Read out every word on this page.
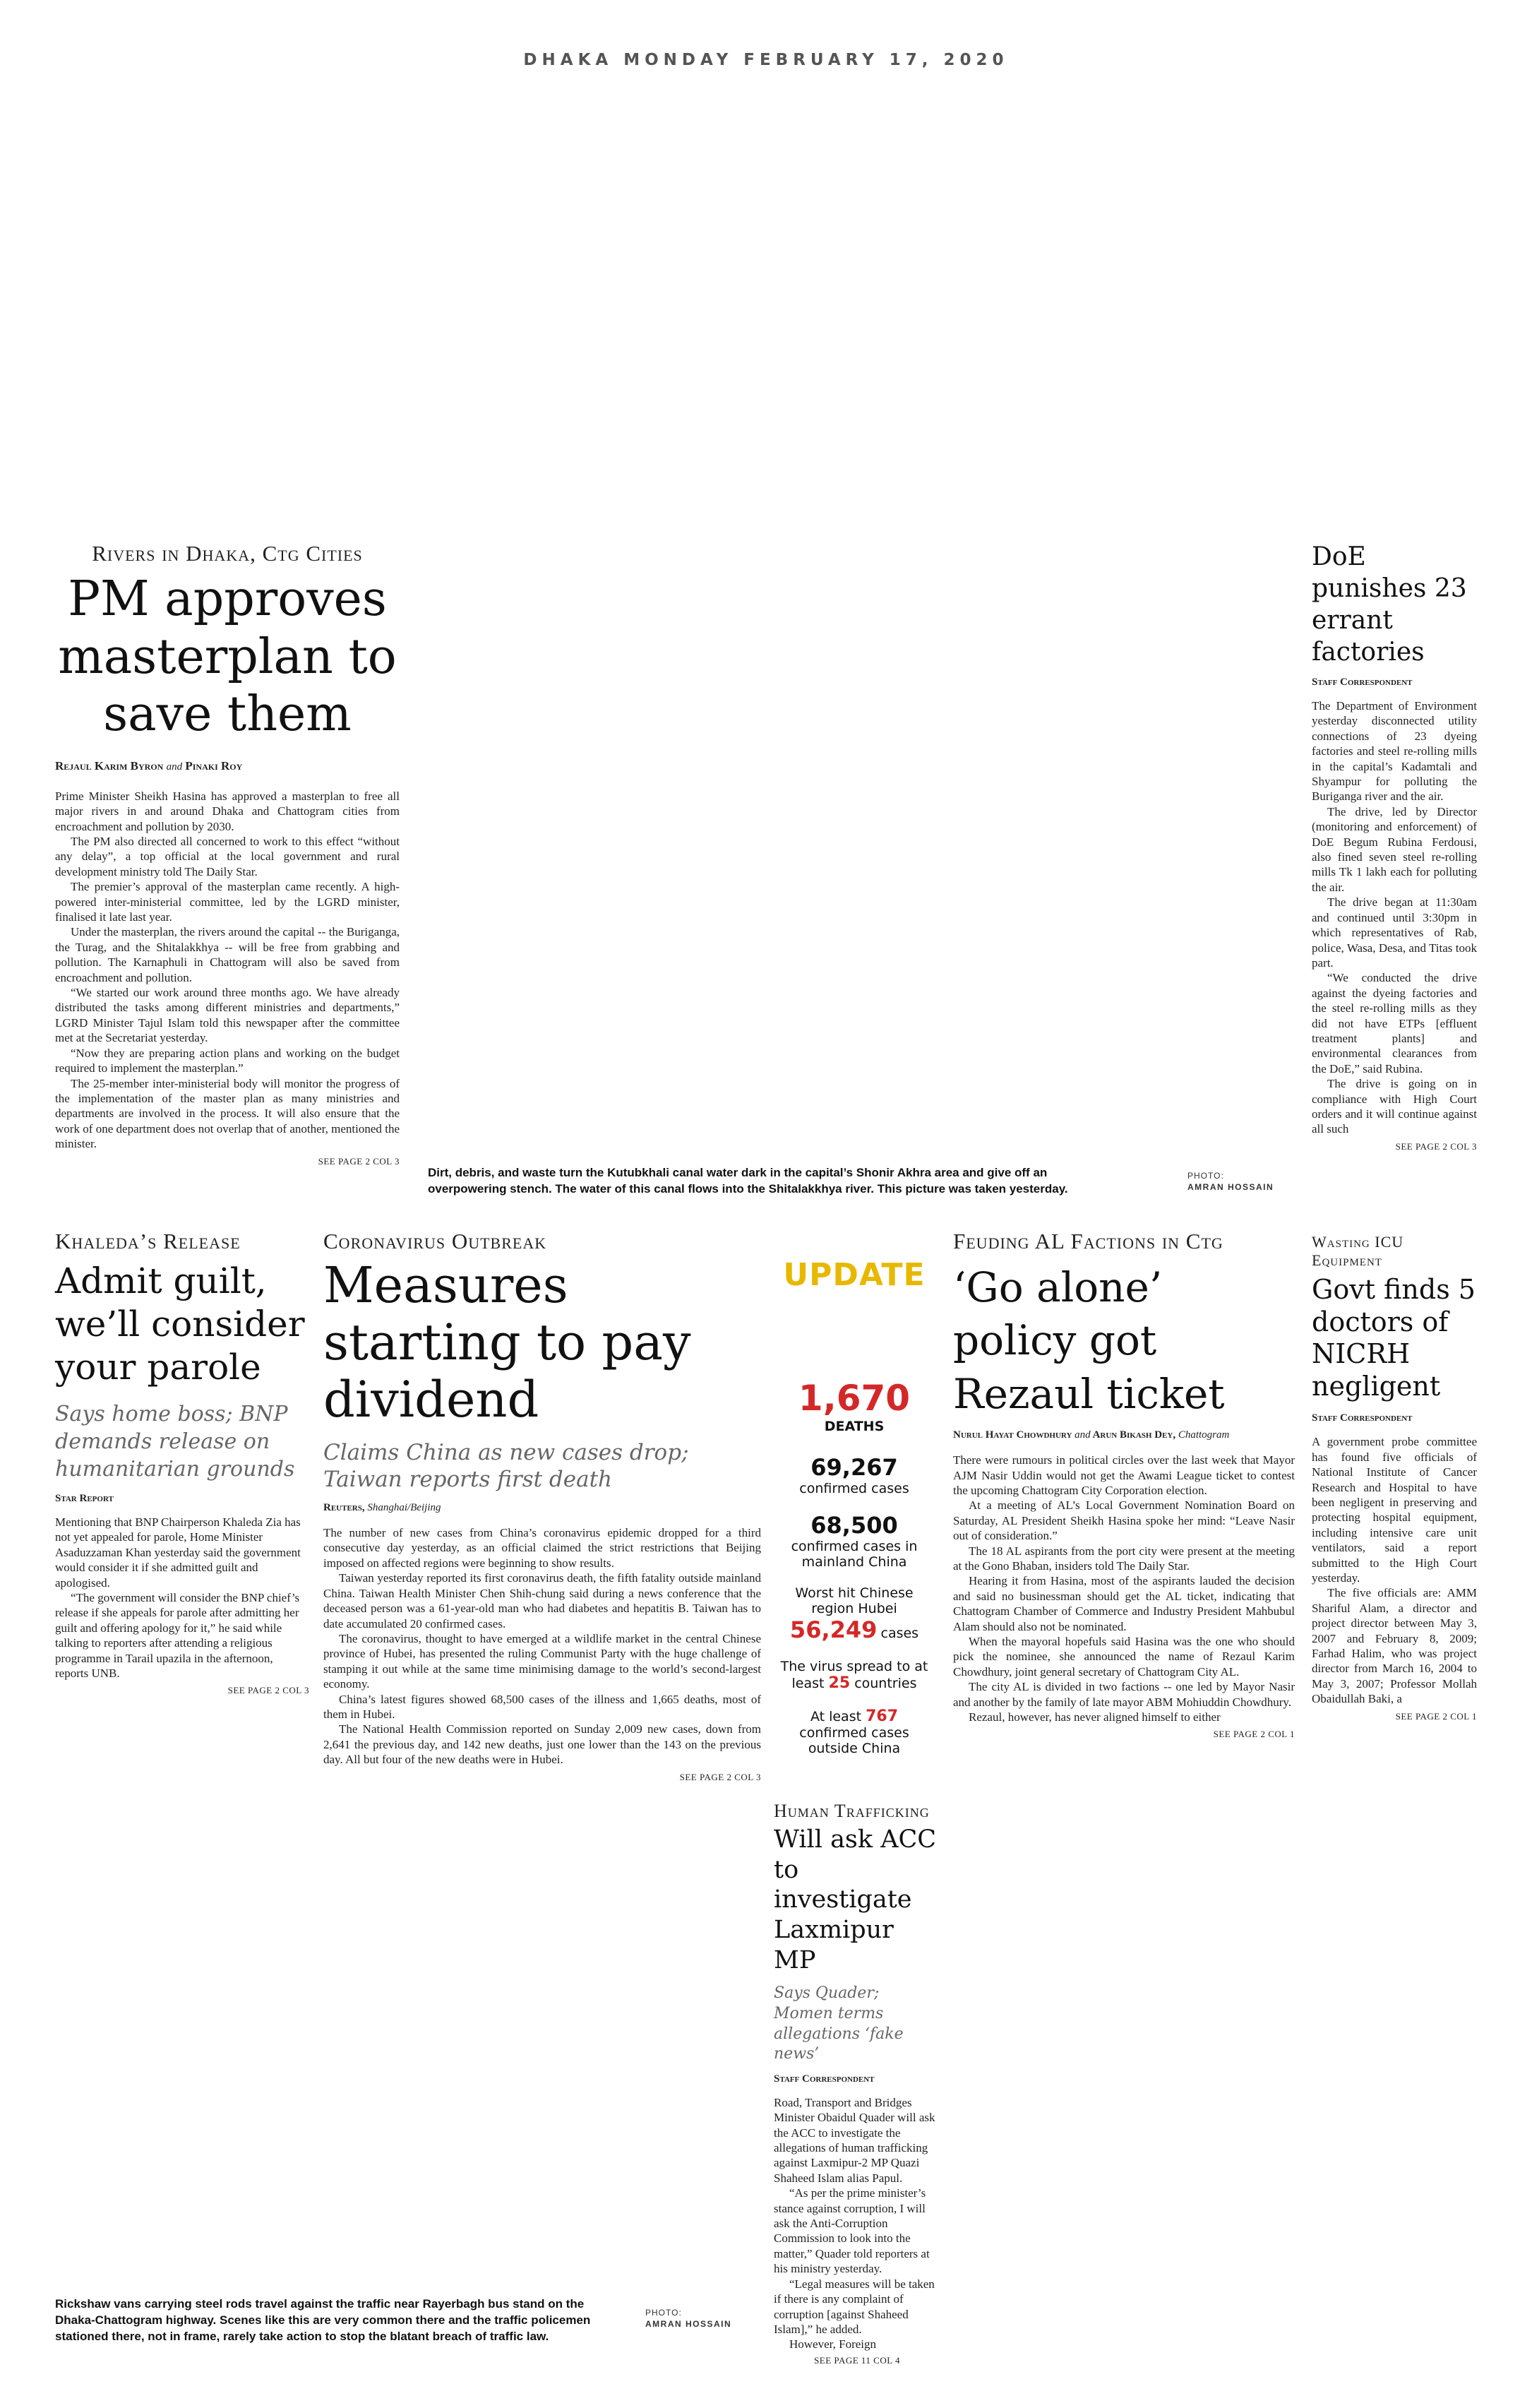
DHAKA MONDAY FEBRUARY 17, 2020
Rivers in Dhaka, Ctg Cities
PM approves masterplan to save them
Rejaul Karim Byron and Pinaki Roy

Prime Minister Sheikh Hasina has approved a masterplan to free all major rivers in and around Dhaka and Chattogram cities from encroachment and pollution by 2030.

The PM also directed all concerned to work to this effect “without any delay”, a top official at the local government and rural development ministry told The Daily Star.

The premier’s approval of the masterplan came recently. A high-powered inter-ministerial committee, led by the LGRD minister, finalised it late last year.

Under the masterplan, the rivers around the capital -- the Buriganga, the Turag, and the Shitalakkhya -- will be free from grabbing and pollution. The Karnaphuli in Chattogram will also be saved from encroachment and pollution.

“We started our work around three months ago. We have already distributed the tasks among different ministries and departments,” LGRD Minister Tajul Islam told this newspaper after the committee met at the Secretariat yesterday.

“Now they are preparing action plans and working on the budget required to implement the masterplan.”

The 25-member inter-ministerial body will monitor the progress of the implementation of the master plan as many ministries and departments are involved in the process. It will also ensure that the work of one department does not overlap that of another, mentioned the minister.

SEE PAGE 2 COL 3
Dirt, debris, and waste turn the Kutubkhali canal water dark in the capital’s Shonir Akhra area and give off an overpowering stench. The water of this canal flows into the Shitalakkhya river. This picture was taken yesterday.
PHOTO:
AMRAN HOSSAIN
DoE punishes 23 errant factories
Staff Correspondent

The Department of Environment yesterday disconnected utility connections of 23 dyeing factories and steel re-rolling mills in the capital’s Kadamtali and Shyampur for polluting the Buriganga river and the air.

The drive, led by Director (monitoring and enforcement) of DoE Begum Rubina Ferdousi, also fined seven steel re-rolling mills Tk 1 lakh each for polluting the air.

The drive began at 11:30am and continued until 3:30pm in which representatives of Rab, police, Wasa, Desa, and Titas took part.

“We conducted the drive against the dyeing factories and the steel re-rolling mills as they did not have ETPs [effluent treatment plants] and environmental clearances from the DoE,” said Rubina.

The drive is going on in compliance with High Court orders and it will continue against all such

SEE PAGE 2 COL 3
Khaleda’s Release
Admit guilt, we’ll consider your parole
Says home boss; BNP demands release on humanitarian grounds
Star Report

Mentioning that BNP Chairperson Khaleda Zia has not yet appealed for parole, Home Minister Asaduzzaman Khan yesterday said the government would consider it if she admitted guilt and apologised.

“The government will consider the BNP chief’s release if she appeals for parole after admitting her guilt and offering apology for it,” he said while talking to reporters after attending a religious programme in Tarail upazila in the afternoon, reports UNB.

SEE PAGE 2 COL 3
Coronavirus Outbreak
Measures starting to pay dividend
Claims China as new cases drop; Taiwan reports first death
Reuters, Shanghai/Beijing

The number of new cases from China’s coronavirus epidemic dropped for a third consecutive day yesterday, as an official claimed the strict restrictions that Beijing imposed on affected regions were beginning to show results.

Taiwan yesterday reported its first coronavirus death, the fifth fatality outside mainland China. Taiwan Health Minister Chen Shih-chung said during a news conference that the deceased person was a 61-year-old man who had diabetes and hepatitis B. Taiwan has to date accumulated 20 confirmed cases.

The coronavirus, thought to have emerged at a wildlife market in the central Chinese province of Hubei, has presented the ruling Communist Party with the huge challenge of stamping it out while at the same time minimising damage to the world’s second-largest economy.

China’s latest figures showed 68,500 cases of the illness and 1,665 deaths, most of them in Hubei.

The National Health Commission reported on Sunday 2,009 new cases, down from 2,641 the previous day, and 142 new deaths, just one lower than the 143 on the previous day. All but four of the new deaths were in Hubei.

SEE PAGE 2 COL 3
UPDATE
1,670
DEATHS
69,267
confirmed cases
68,500
confirmed cases in mainland China
Worst hit Chinese region Hubei
56,249 cases
The virus spread to at least 25 countries
At least 767 confirmed cases outside China
Feuding AL Factions in Ctg
‘Go alone’ policy got Rezaul ticket
Nurul Hayat Chowdhury and Arun Bikash Dey, Chattogram

There were rumours in political circles over the last week that Mayor AJM Nasir Uddin would not get the Awami League ticket to contest the upcoming Chattogram City Corporation election.

At a meeting of AL’s Local Government Nomination Board on Saturday, AL President Sheikh Hasina spoke her mind: “Leave Nasir out of consideration.”

The 18 AL aspirants from the port city were present at the meeting at the Gono Bhaban, insiders told The Daily Star.

Hearing it from Hasina, most of the aspirants lauded the decision and said no businessman should get the AL ticket, indicating that Chattogram Chamber of Commerce and Industry President Mahbubul Alam should also not be nominated.

When the mayoral hopefuls said Hasina was the one who should pick the nominee, she announced the name of Rezaul Karim Chowdhury, joint general secretary of Chattogram City AL.

The city AL is divided in two factions -- one led by Mayor Nasir and another by the family of late mayor ABM Mohiuddin Chowdhury.

Rezaul, however, has never aligned himself to either

SEE PAGE 2 COL 1
Wasting ICU Equipment
Govt finds 5 doctors of NICRH negligent
Staff Correspondent

A government probe committee has found five officials of National Institute of Cancer Research and Hospital to have been negligent in preserving and protecting hospital equipment, including intensive care unit ventilators, said a report submitted to the High Court yesterday.

The five officials are: AMM Shariful Alam, a director and project director between May 3, 2007 and February 8, 2009; Farhad Halim, who was project director from March 16, 2004 to May 3, 2007; Professor Mollah Obaidullah Baki, a

SEE PAGE 2 COL 1
Human Trafficking
Will ask ACC to investigate Laxmipur MP
Says Quader; Momen terms allegations ‘fake news’
Staff Correspondent

Road, Transport and Bridges Minister Obaidul Quader will ask the ACC to investigate the allegations of human trafficking against Laxmipur-2 MP Quazi Shaheed Islam alias Papul.

“As per the prime minister’s stance against corruption, I will ask the Anti-Corruption Commission to look into the matter,” Quader told reporters at his ministry yesterday.

“Legal measures will be taken if there is any complaint of corruption [against Shaheed Islam],” he added.

However, Foreign

SEE PAGE 11 COL 4
Rickshaw vans carrying steel rods travel against the traffic near Rayerbagh bus stand on the Dhaka-Chattogram highway. Scenes like this are very common there and the traffic policemen stationed there, not in frame, rarely take action to stop the blatant breach of traffic law.
PHOTO:
AMRAN HOSSAIN
